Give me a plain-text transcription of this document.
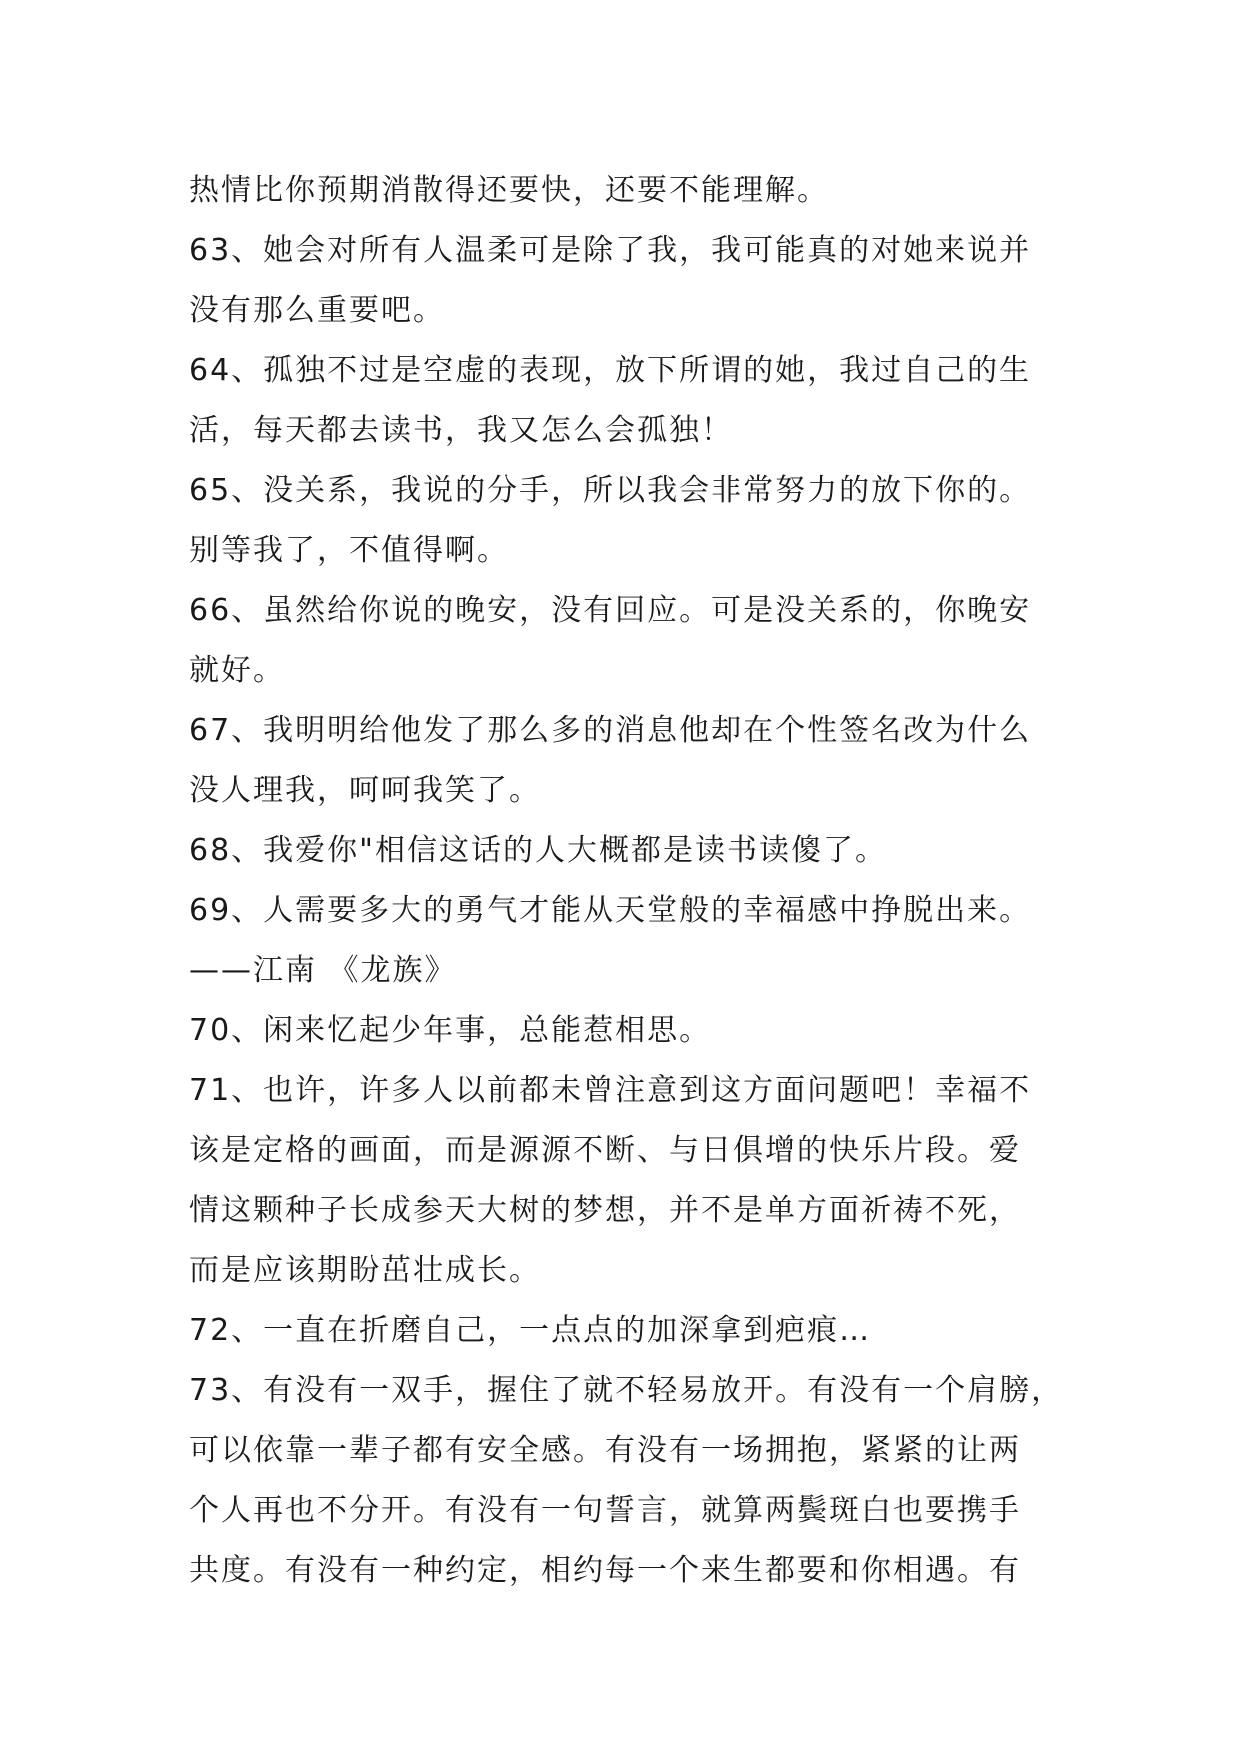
热情比你预期消散得还要快，还要不能理解。
63、她会对所有人温柔可是除了我，我可能真的对她来说并
没有那么重要吧。
64、孤独不过是空虚的表现，放下所谓的她，我过自己的生
活，每天都去读书，我又怎么会孤独！
65、没关系，我说的分手，所以我会非常努力的放下你的。
别等我了，不值得啊。
66、虽然给你说的晚安，没有回应。可是没关系的，你晚安
就好。
67、我明明给他发了那么多的消息他却在个性签名改为什么
没人理我，呵呵我笑了。
68、我爱你"相信这话的人大概都是读书读傻了。
69、人需要多大的勇气才能从天堂般的幸福感中挣脱出来。
——江南 《龙族》
70、闲来忆起少年事，总能惹相思。
71、也许，许多人以前都未曾注意到这方面问题吧！幸福不
该是定格的画面，而是源源不断、与日俱增的快乐片段。爱
情这颗种子长成参天大树的梦想，并不是单方面祈祷不死，
而是应该期盼茁壮成长。
72、一直在折磨自己，一点点的加深拿到疤痕…
73、有没有一双手，握住了就不轻易放开。有没有一个肩膀，
可以依靠一辈子都有安全感。有没有一场拥抱，紧紧的让两
个人再也不分开。有没有一句誓言，就算两鬓斑白也要携手
共度。有没有一种约定，相约每一个来生都要和你相遇。有
